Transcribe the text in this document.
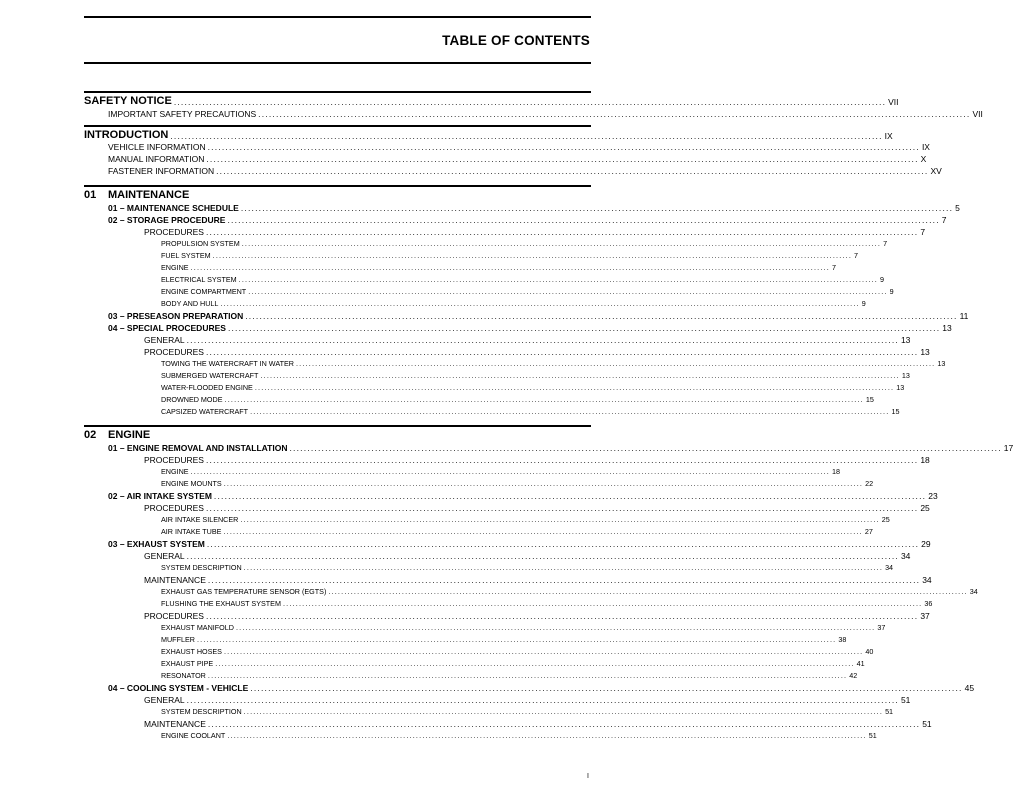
TABLE OF CONTENTS
SAFETY NOTICE ........................................................................................................................................................................................................ VII
IMPORTANT SAFETY PRECAUTIONS ........................................................................................................................................................................................................ VII
INTRODUCTION ........................................................................................................................................................................................................ IX
VEHICLE INFORMATION ........................................................................................................................................................................................................ IX
MANUAL INFORMATION ........................................................................................................................................................................................................ X
FASTENER INFORMATION ........................................................................................................................................................................................................ XV
01 MAINTENANCE
01 – MAINTENANCE SCHEDULE ........................................................................................................................................................................................................ 5
02 – STORAGE PROCEDURE ........................................................................................................................................................................................................ 7
PROCEDURES ........................................................................................................................................................................................................ 7
PROPULSION SYSTEM ........................................................................................................................................................................................................ 7
FUEL SYSTEM ........................................................................................................................................................................................................ 7
ENGINE ........................................................................................................................................................................................................ 7
ELECTRICAL SYSTEM ........................................................................................................................................................................................................ 9
ENGINE COMPARTMENT ........................................................................................................................................................................................................ 9
BODY AND HULL ........................................................................................................................................................................................................ 9
03 – PRESEASON PREPARATION ........................................................................................................................................................................................................ 11
04 – SPECIAL PROCEDURES ........................................................................................................................................................................................................ 13
GENERAL ........................................................................................................................................................................................................ 13
PROCEDURES ........................................................................................................................................................................................................ 13
TOWING THE WATERCRAFT IN WATER ........................................................................................................................................................................................................ 13
SUBMERGED WATERCRAFT ........................................................................................................................................................................................................ 13
WATER-FLOODED ENGINE ........................................................................................................................................................................................................ 13
DROWNED MODE ........................................................................................................................................................................................................ 15
CAPSIZED WATERCRAFT ........................................................................................................................................................................................................ 15
02 ENGINE
01 – ENGINE REMOVAL AND INSTALLATION ........................................................................................................................................................................................................ 17
PROCEDURES ........................................................................................................................................................................................................ 18
ENGINE ........................................................................................................................................................................................................ 18
ENGINE MOUNTS ........................................................................................................................................................................................................ 22
02 – AIR INTAKE SYSTEM ........................................................................................................................................................................................................ 23
PROCEDURES ........................................................................................................................................................................................................ 25
AIR INTAKE SILENCER ........................................................................................................................................................................................................ 25
AIR INTAKE TUBE ........................................................................................................................................................................................................ 27
03 – EXHAUST SYSTEM ........................................................................................................................................................................................................ 29
GENERAL ........................................................................................................................................................................................................ 34
SYSTEM DESCRIPTION ........................................................................................................................................................................................................ 34
MAINTENANCE ........................................................................................................................................................................................................ 34
EXHAUST GAS TEMPERATURE SENSOR (EGTS) ........................................................................................................................................................................................................ 34
FLUSHING THE EXHAUST SYSTEM ........................................................................................................................................................................................................ 36
PROCEDURES ........................................................................................................................................................................................................ 37
EXHAUST MANIFOLD ........................................................................................................................................................................................................ 37
MUFFLER ........................................................................................................................................................................................................ 38
EXHAUST HOSES ........................................................................................................................................................................................................ 40
EXHAUST PIPE ........................................................................................................................................................................................................ 41
RESONATOR ........................................................................................................................................................................................................ 42
04 – COOLING SYSTEM - VEHICLE ........................................................................................................................................................................................................ 45
GENERAL ........................................................................................................................................................................................................ 51
SYSTEM DESCRIPTION ........................................................................................................................................................................................................ 51
MAINTENANCE ........................................................................................................................................................................................................ 51
ENGINE COOLANT ........................................................................................................................................................................................................ 51
I
